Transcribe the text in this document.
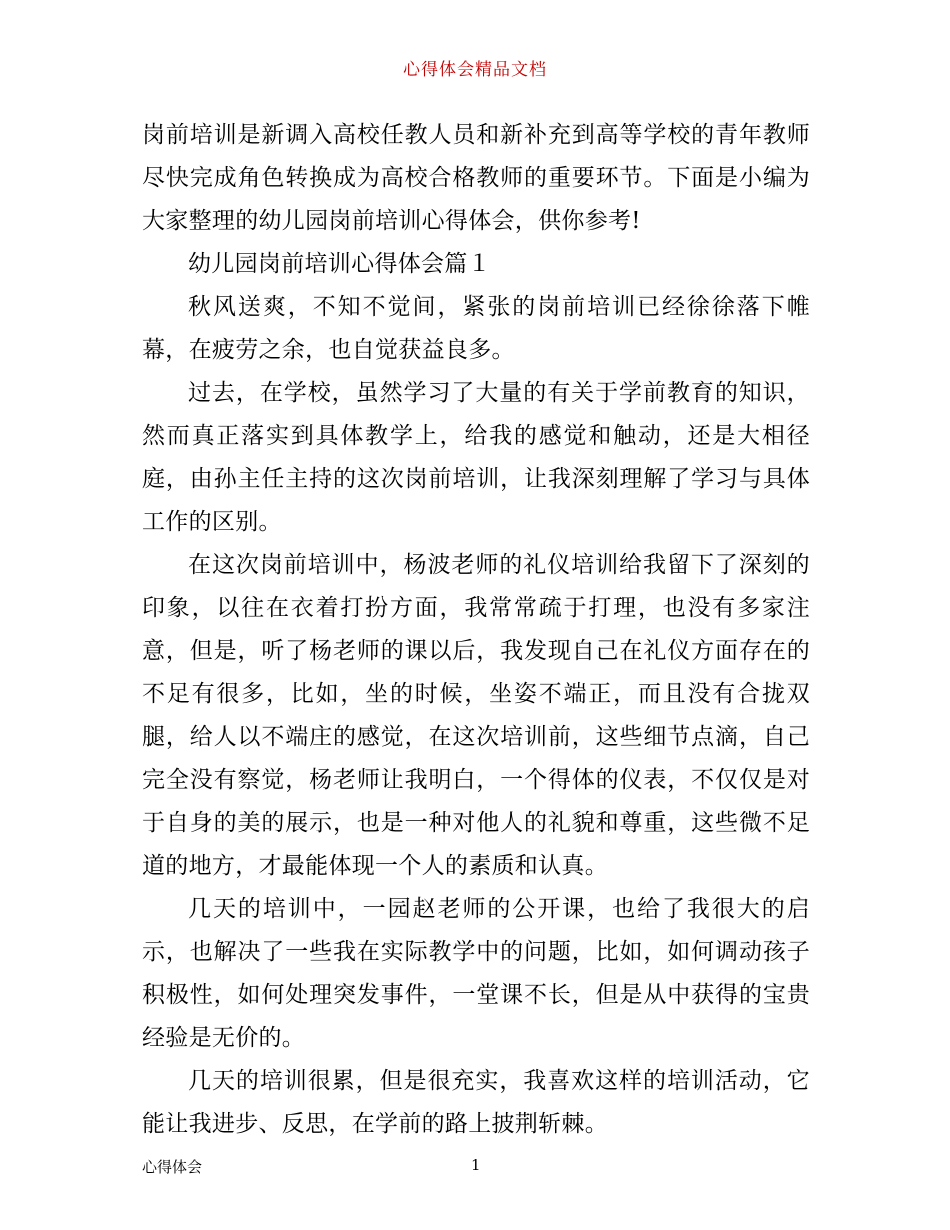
心得体会精品文档

岗前培训是新调入高校任教人员和新补充到高等学校的青年教师尽快完成角色转换成为高校合格教师的重要环节。下面是小编为大家整理的幼儿园岗前培训心得体会，供你参考!

幼儿园岗前培训心得体会篇１

秋风送爽，不知不觉间，紧张的岗前培训已经徐徐落下帷幕，在疲劳之余，也自觉获益良多。

过去，在学校，虽然学习了大量的有关于学前教育的知识，然而真正落实到具体教学上，给我的感觉和触动，还是大相径庭，由孙主任主持的这次岗前培训，让我深刻理解了学习与具体工作的区别。

在这次岗前培训中，杨波老师的礼仪培训给我留下了深刻的印象，以往在衣着打扮方面，我常常疏于打理，也没有多家注意，但是，听了杨老师的课以后，我发现自己在礼仪方面存在的不足有很多，比如，坐的时候，坐姿不端正，而且没有合拢双腿，给人以不端庄的感觉，在这次培训前，这些细节点滴，自己完全没有察觉，杨老师让我明白，一个得体的仪表，不仅仅是对于自身的美的展示，也是一种对他人的礼貌和尊重，这些微不足道的地方，才最能体现一个人的素质和认真。

几天的培训中，一园赵老师的公开课，也给了我很大的启示，也解决了一些我在实际教学中的问题，比如，如何调动孩子积极性，如何处理突发事件，一堂课不长，但是从中获得的宝贵经验是无价的。

几天的培训很累，但是很充实，我喜欢这样的培训活动，它能让我进步、反思，在学前的路上披荆斩棘。

心得体会	1
